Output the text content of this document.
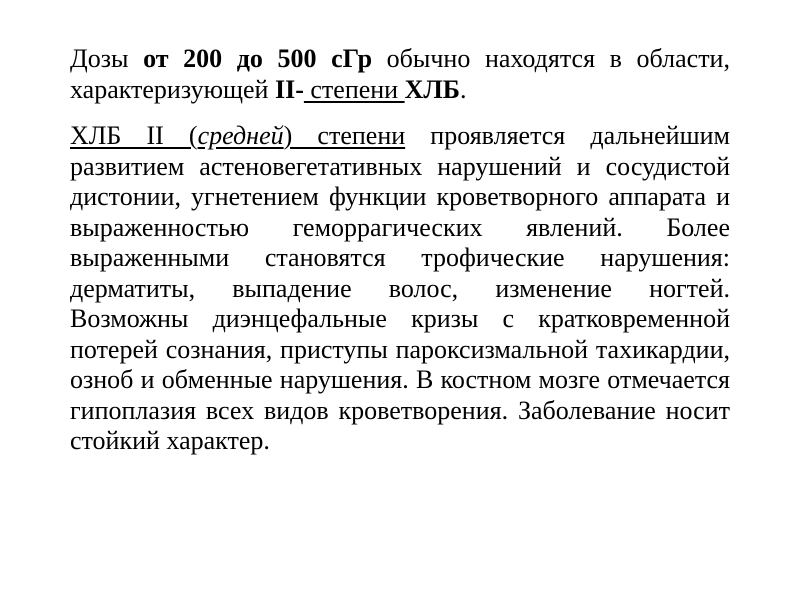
Дозы от 200 до 500 сГр обычно находятся в области, характеризующей II- степени ХЛБ.

ХЛБ II (средней) степени проявляется дальнейшим развитием астеновегетативных нарушений и сосудистой дистонии, угнетением функции кроветворного аппарата и выраженностью геморрагических явлений. Более выраженными становятся трофические нарушения: дерматиты, выпадение волос, изменение ногтей. Возможны диэнцефальные кризы с кратковременной потерей сознания, приступы пароксизмальной тахикардии, озноб и обменные нарушения. В костном мозге отмечается гипоплазия всех видов кроветворения. Заболевание носит стойкий характер.
